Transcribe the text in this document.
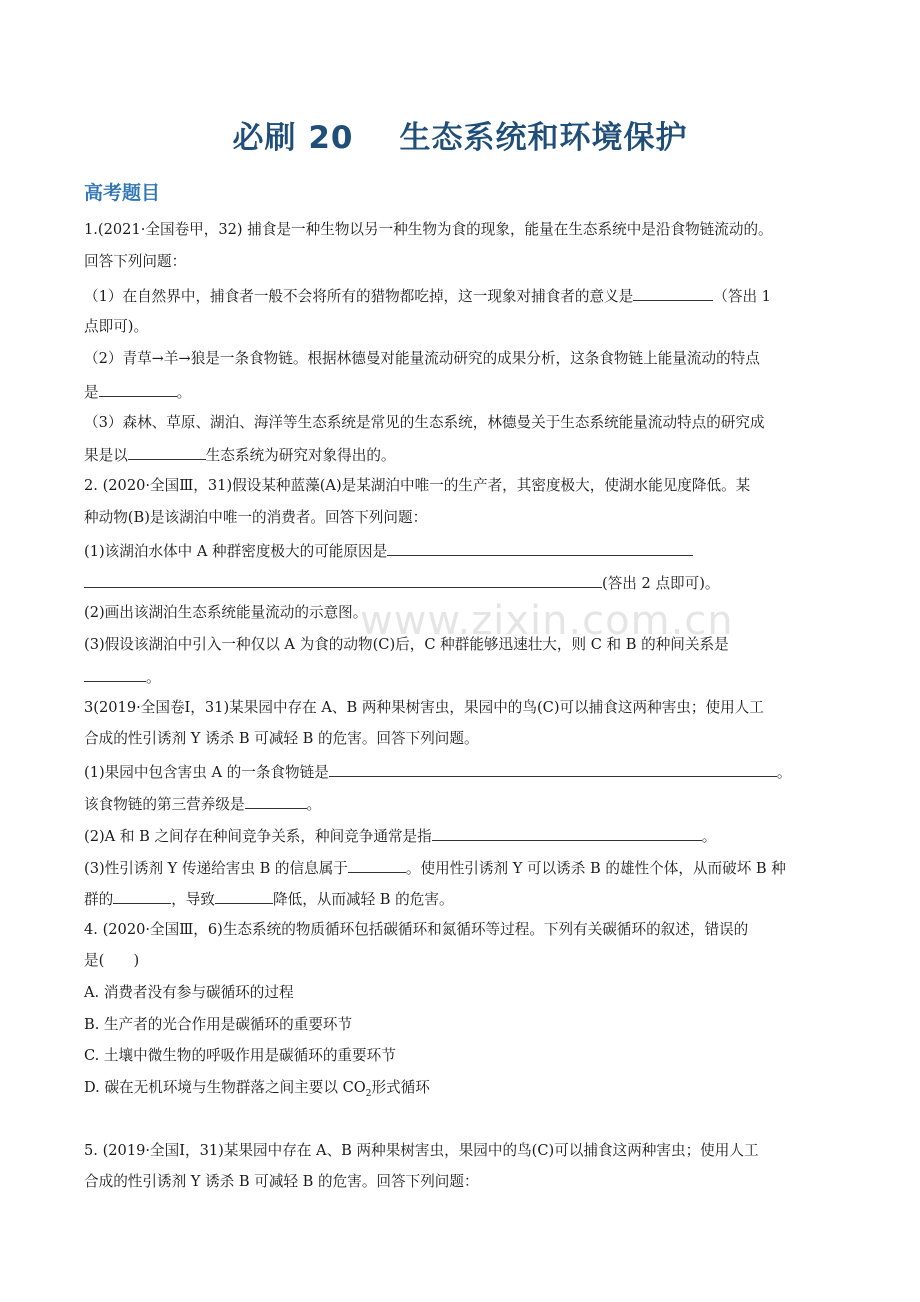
必刷 20 生态系统和环境保护
高考题目
www.zixin.com.cn
1.(2021·全国卷甲，32) 捕食是一种生物以另一种生物为食的现象，能量在生态系统中是沿食物链流动的。
回答下列问题：
（1）在自然界中，捕食者一般不会将所有的猎物都吃掉，这一现象对捕食者的意义是	（答出 1
点即可)。
（2）青草→羊→狼是一条食物链。根据林德曼对能量流动研究的成果分析，这条食物链上能量流动的特点
是	。
（3）森林、草原、湖泊、海洋等生态系统是常见的生态系统，林德曼关于生态系统能量流动特点的研究成
果是以	生态系统为研究对象得出的。
2. (2020·全国Ⅲ，31)假设某种蓝藻(A)是某湖泊中唯一的生产者，其密度极大，使湖水能见度降低。某
种动物(B)是该湖泊中唯一的消费者。回答下列问题：
(1)该湖泊水体中 A 种群密度极大的可能原因是
(答出 2 点即可)。
(2)画出该湖泊生态系统能量流动的示意图。
(3)假设该湖泊中引入一种仅以 A 为食的动物(C)后，C 种群能够迅速壮大，则 C 和 B 的种间关系是
。
3(2019·全国卷Ⅰ，31)某果园中存在 A、B 两种果树害虫，果园中的鸟(C)可以捕食这两种害虫；使用人工
合成的性引诱剂 Y 诱杀 B 可减轻 B 的危害。回答下列问题。
(1)果园中包含害虫 A 的一条食物链是	。
该食物链的第三营养级是	。
(2)A 和 B 之间存在种间竞争关系，种间竞争通常是指	。
(3)性引诱剂 Y 传递给害虫 B 的信息属于	。使用性引诱剂 Y 可以诱杀 B 的雄性个体，从而破坏 B 种
群的	，导致	降低，从而减轻 B 的危害。
4. (2020·全国Ⅲ，6)生态系统的物质循环包括碳循环和氮循环等过程。下列有关碳循环的叙述，错误的
是(　　)
A. 消费者没有参与碳循环的过程
B. 生产者的光合作用是碳循环的重要环节
C. 土壤中微生物的呼吸作用是碳循环的重要环节
D. 碳在无机环境与生物群落之间主要以 $CO_2$形式循环
5. (2019·全国Ⅰ，31)某果园中存在 A、B 两种果树害虫，果园中的鸟(C)可以捕食这两种害虫；使用人工
合成的性引诱剂 Y 诱杀 B 可减轻 B 的危害。回答下列问题：
